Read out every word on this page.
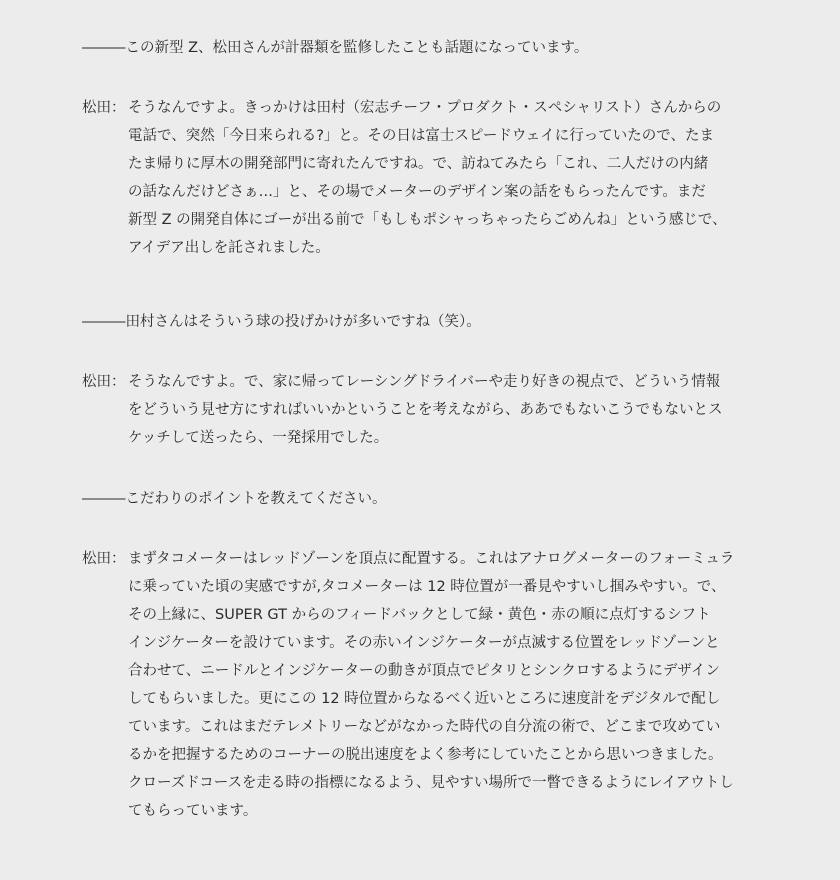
―――この新型 Z、松田さんが計器類を監修したことも話題になっています。
松田： そうなんですよ。きっかけは田村（宏志チーフ・プロダクト・スペシャリスト）さんからの
電話で、突然「今日来られる?」と。その日は富士スピードウェイに行っていたので、たま
たま帰りに厚木の開発部門に寄れたんですね。で、訪ねてみたら「これ、二人だけの内緒
の話なんだけどさぁ…」と、その場でメーターのデザイン案の話をもらったんです。まだ
新型 Z の開発自体にゴーが出る前で「もしもポシャっちゃったらごめんね」という感じで、
アイデア出しを託されました。
―――田村さんはそういう球の投げかけが多いですね（笑）。
松田： そうなんですよ。で、家に帰ってレーシングドライバーや走り好きの視点で、どういう情報
をどういう見せ方にすればいいかということを考えながら、ああでもないこうでもないとス
ケッチして送ったら、一発採用でした。
―――こだわりのポイントを教えてください。
松田： まずタコメーターはレッドゾーンを頂点に配置する。これはアナログメーターのフォーミュラ
に乗っていた頃の実感ですが,タコメーターは 12 時位置が一番見やすいし掴みやすい。で、
その上縁に、SUPER GT からのフィードバックとして緑・黄色・赤の順に点灯するシフト
インジケーターを設けています。その赤いインジケーターが点滅する位置をレッドゾーンと
合わせて、ニードルとインジケーターの動きが頂点でピタリとシンクロするようにデザイン
してもらいました。更にこの 12 時位置からなるべく近いところに速度計をデジタルで配し
ています。これはまだテレメトリーなどがなかった時代の自分流の術で、どこまで攻めてい
るかを把握するためのコーナーの脱出速度をよく参考にしていたことから思いつきました。
クローズドコースを走る時の指標になるよう、見やすい場所で一瞥できるようにレイアウトし
てもらっています。
